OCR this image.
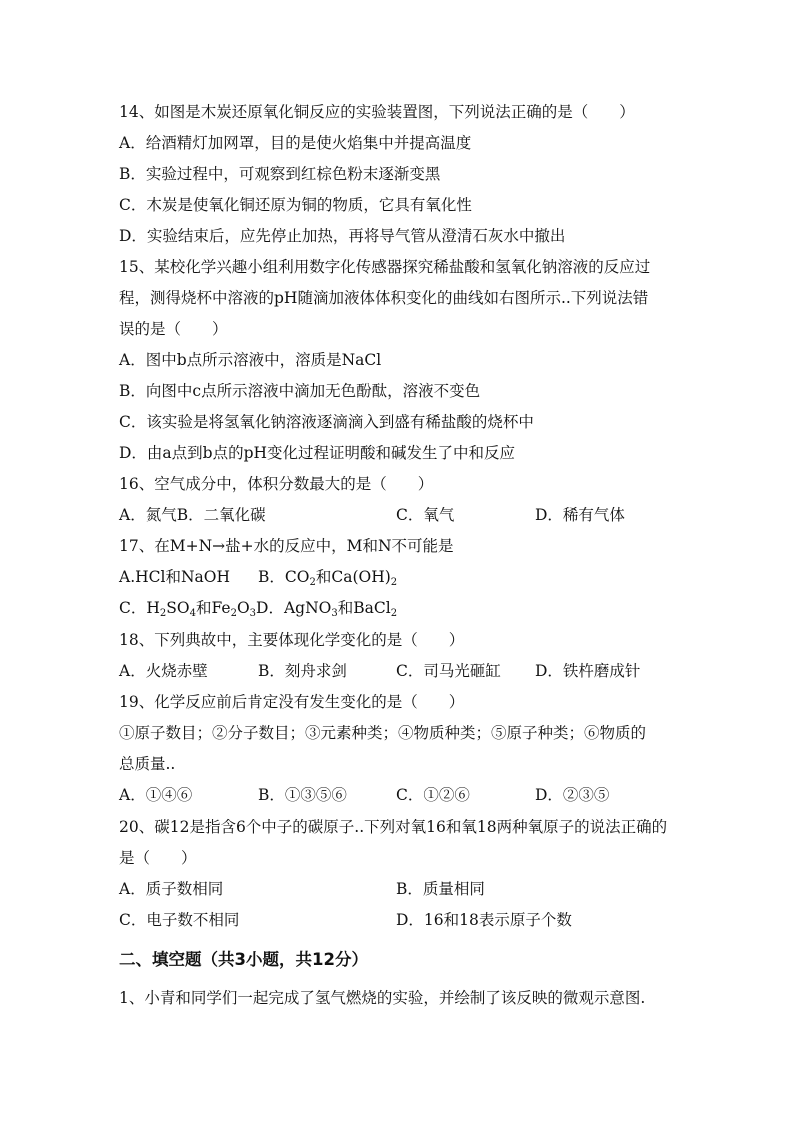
14、如图是木炭还原氧化铜反应的实验装置图，下列说法正确的是（　　）
A．给酒精灯加网罩，目的是使火焰集中并提高温度
B．实验过程中，可观察到红棕色粉末逐渐变黑
C．木炭是使氧化铜还原为铜的物质，它具有氧化性
D．实验结束后，应先停止加热，再将导气管从澄清石灰水中撤出
15、某校化学兴趣小组利用数字化传感器探究稀盐酸和氢氧化钠溶液的反应过
程，测得烧杯中溶液的pH随滴加液体体积变化的曲线如右图所示..下列说法错
误的是（　　）
A．图中b点所示溶液中，溶质是NaCl
B．向图中c点所示溶液中滴加无色酚酞，溶液不变色
C．该实验是将氢氧化钠溶液逐滴滴入到盛有稀盐酸的烧杯中
D．由a点到b点的pH变化过程证明酸和碱发生了中和反应
16、空气成分中，体积分数最大的是（　　）
A．氮气B．二氧化碳	C．氧气	D．稀有气体
17、在M+N→盐+水的反应中，M和N不可能是
A.HCl和NaOH B．$CO_2$和$Ca(OH)_2$
C．$H_2SO_4$和$Fe_2O_3D$．AgNO$_3$和BaCl$_2$
18、下列典故中，主要体现化学变化的是（　　）
A．火烧赤壁	B．刻舟求剑	C．司马光砸缸 D．铁杵磨成针
19、化学反应前后肯定没有发生变化的是（　　）
①原子数目；②分子数目；③元素种类；④物质种类；⑤原子种类；⑥物质的
总质量..
A．①④⑥	B．①③⑤⑥	C．①②⑥	D．②③⑤
20、碳12是指含6个中子的碳原子..下列对氧16和氧18两种氧原子的说法正确的
是（　　）
A．质子数相同	B．质量相同
C．电子数不相同	D．16和18表示原子个数
二、填空题（共3小题，共12分）
1、小青和同学们一起完成了氢气燃烧的实验，并绘制了该反映的微观示意图.
